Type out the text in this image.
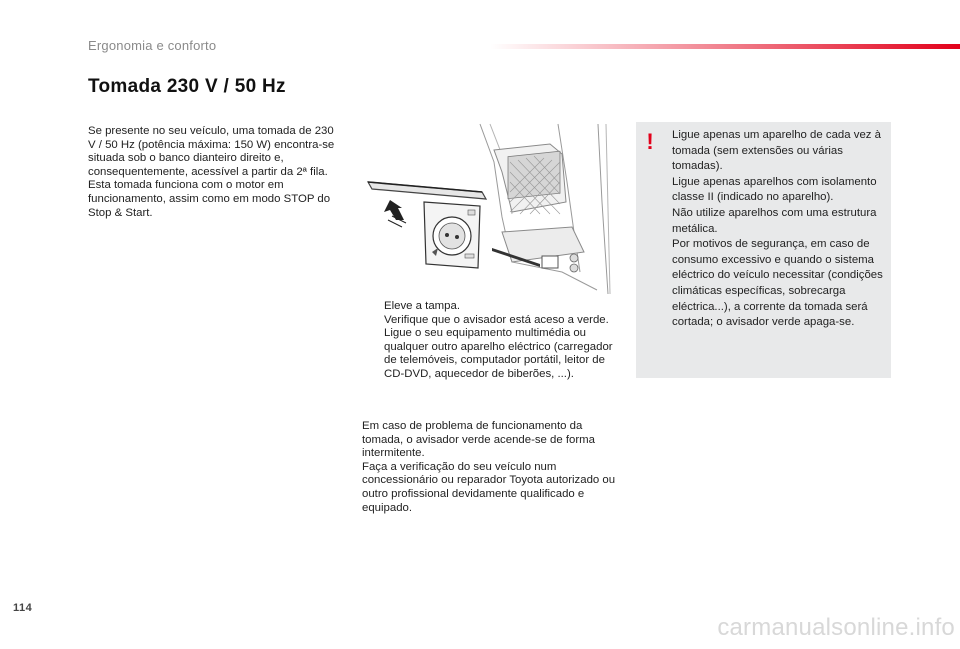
Ergonomia e conforto
Tomada 230 V / 50 Hz

Se presente no seu veículo, uma tomada de 230 V / 50 Hz (potência máxima: 150 W) encontra-se situada sob o banco dianteiro direito e, consequentemente, acessível a partir da 2ª fila.

Esta tomada funciona com o motor em funcionamento, assim como em modo STOP do Stop & Start.

Eleve a tampa.
Verifique que o avisador está aceso a verde.
Ligue o seu equipamento multimédia ou qualquer outro aparelho eléctrico (carregador de telemóveis, computador portátil, leitor de CD-DVD, aquecedor de biberões, ...).

Em caso de problema de funcionamento da tomada, o avisador verde acende-se de forma intermitente.

Faça a verificação do seu veículo num concessionário ou reparador Toyota autorizado ou outro profissional devidamente qualificado e equipado.

! Ligue apenas um aparelho de cada vez à tomada (sem extensões ou várias tomadas).

Ligue apenas aparelhos com isolamento classe II (indicado no aparelho).

Não utilize aparelhos com uma estrutura metálica.

Por motivos de segurança, em caso de consumo excessivo e quando o sistema eléctrico do veículo necessitar (condições climáticas específicas, sobrecarga eléctrica...), a corrente da tomada será cortada; o avisador verde apaga-se.

114
carmanualsonline.info
